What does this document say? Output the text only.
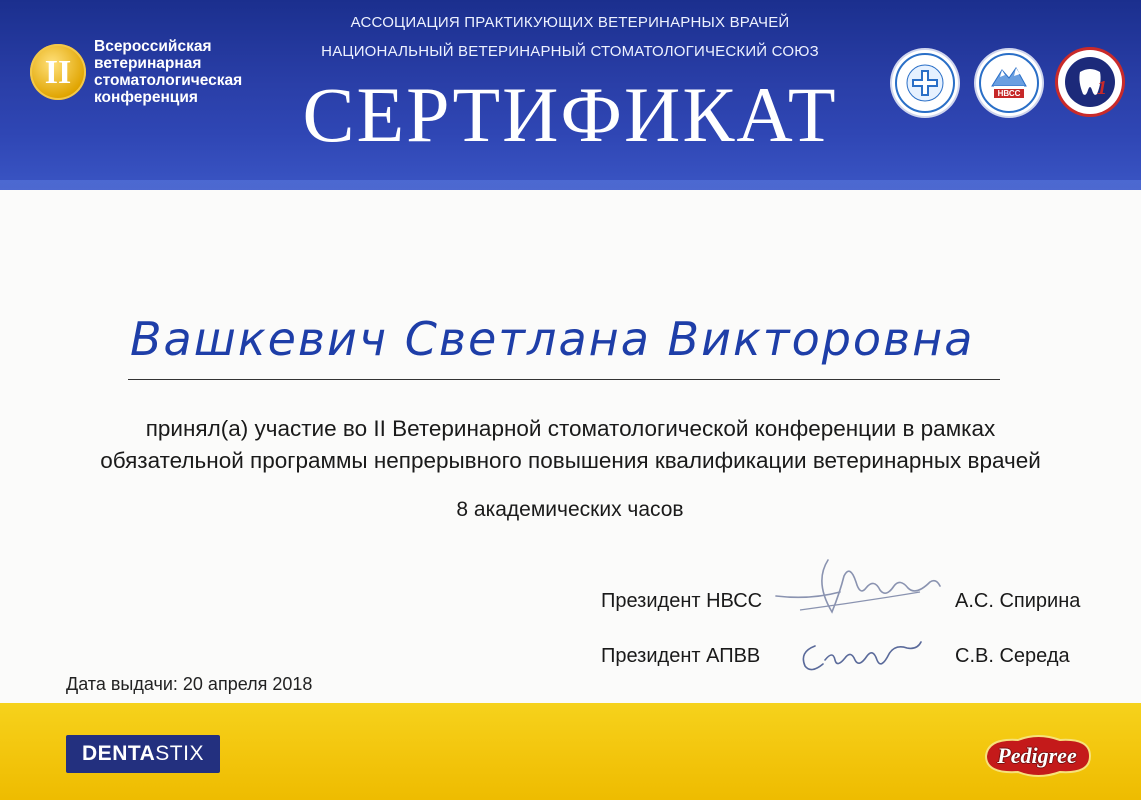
АССОЦИАЦИЯ ПРАКТИКУЮЩИХ ВЕТЕРИНАРНЫХ ВРАЧЕЙ
НАЦИОНАЛЬНЫЙ ВЕТЕРИНАРНЫЙ СТОМАТОЛОГИЧЕСКИЙ СОЮЗ
СЕРТИФИКАТ
II
Всероссийская
ветеринарная
стоматологическая
конференция	НВСС	1
Вашкевич Светлана Викторовна
принял(а) участие во II Ветеринарной стоматологической конференции в рамках
обязательной программы непрерывного повышения квалификации ветеринарных врачей
8 академических часов
Президент НВСС	А.С. Спирина
Президент АПВВ	С.В. Середа
Дата выдачи: 20 апреля 2018
DENTASTIX	Pedigree
